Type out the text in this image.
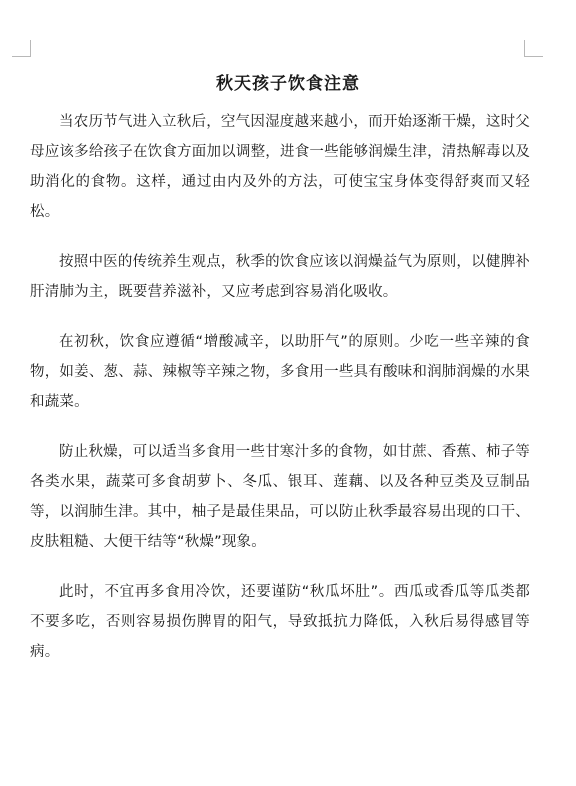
秋天孩子饮食注意

当农历节气进入立秋后，空气因湿度越来越小，而开始逐渐干燥，这时父母应该多给孩子在饮食方面加以调整，进食一些能够润燥生津，清热解毒以及助消化的食物。这样，通过由内及外的方法，可使宝宝身体变得舒爽而又轻松。

按照中医的传统养生观点，秋季的饮食应该以润燥益气为原则，以健脾补肝清肺为主，既要营养滋补，又应考虑到容易消化吸收。

在初秋，饮食应遵循“增酸减辛，以助肝气”的原则。少吃一些辛辣的食物，如姜、葱、蒜、辣椒等辛辣之物，多食用一些具有酸味和润肺润燥的水果和蔬菜。

防止秋燥，可以适当多食用一些甘寒汁多的食物，如甘蔗、香蕉、柿子等各类水果，蔬菜可多食胡萝卜、冬瓜、银耳、莲藕、以及各种豆类及豆制品等，以润肺生津。其中，柚子是最佳果品，可以防止秋季最容易出现的口干、皮肤粗糙、大便干结等“秋燥”现象。

此时，不宜再多食用冷饮，还要谨防“秋瓜坏肚”。西瓜或香瓜等瓜类都不要多吃，否则容易损伤脾胃的阳气，导致抵抗力降低，入秋后易得感冒等病。
